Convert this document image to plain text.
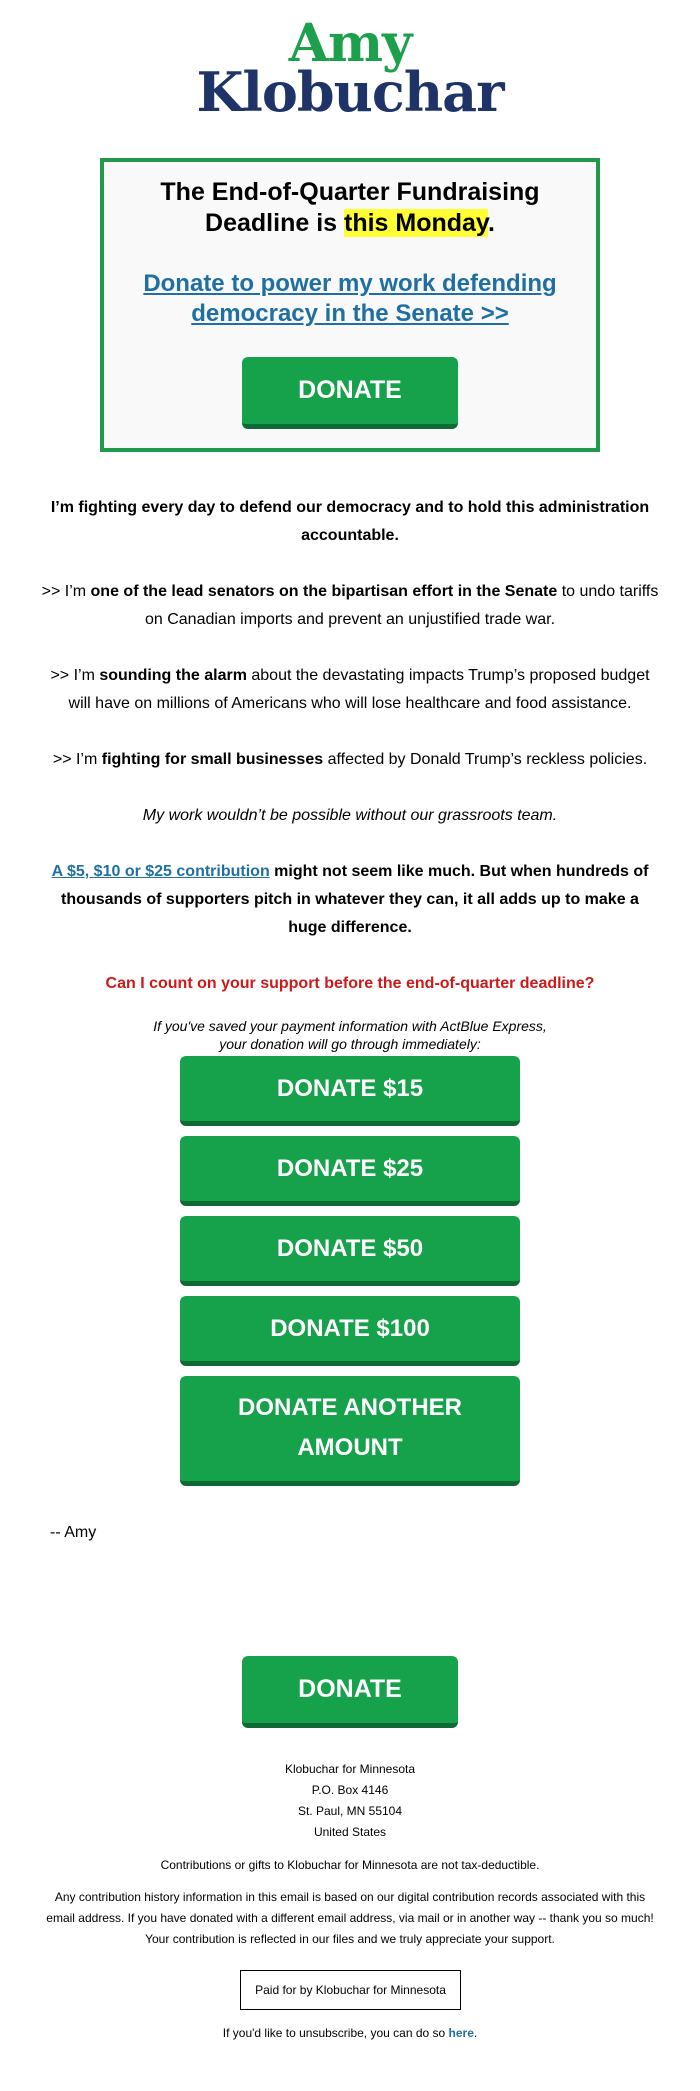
Amy
Klobuchar
The End-of-Quarter Fundraising Deadline is this Monday.
Donate to power my work defending democracy in the Senate >>
DONATE

I’m fighting every day to defend our democracy and to hold this administration accountable.

>> I’m one of the lead senators on the bipartisan effort in the Senate to undo tariffs on Canadian imports and prevent an unjustified trade war.

>> I’m sounding the alarm about the devastating impacts Trump’s proposed budget will have on millions of Americans who will lose healthcare and food assistance.

>> I’m fighting for small businesses affected by Donald Trump’s reckless policies.

My work wouldn’t be possible without our grassroots team.

A $5, $10 or $25 contribution might not seem like much. But when hundreds of thousands of supporters pitch in whatever they can, it all adds up to make a huge difference.

Can I count on your support before the end-of-quarter deadline?

If you've saved your payment information with ActBlue Express,
your donation will go through immediately:
DONATE $15
DONATE $25
DONATE $50
DONATE $100
DONATE ANOTHER
AMOUNT
-- Amy
DONATE
Klobuchar for Minnesota
P.O. Box 4146
St. Paul, MN 55104
United States
Contributions or gifts to Klobuchar for Minnesota are not tax-deductible.
Any contribution history information in this email is based on our digital contribution records associated with this email address. If you have donated with a different email address, via mail or in another way -- thank you so much! Your contribution is reflected in our files and we truly appreciate your support.
Paid for by Klobuchar for Minnesota
If you'd like to unsubscribe, you can do so here.
